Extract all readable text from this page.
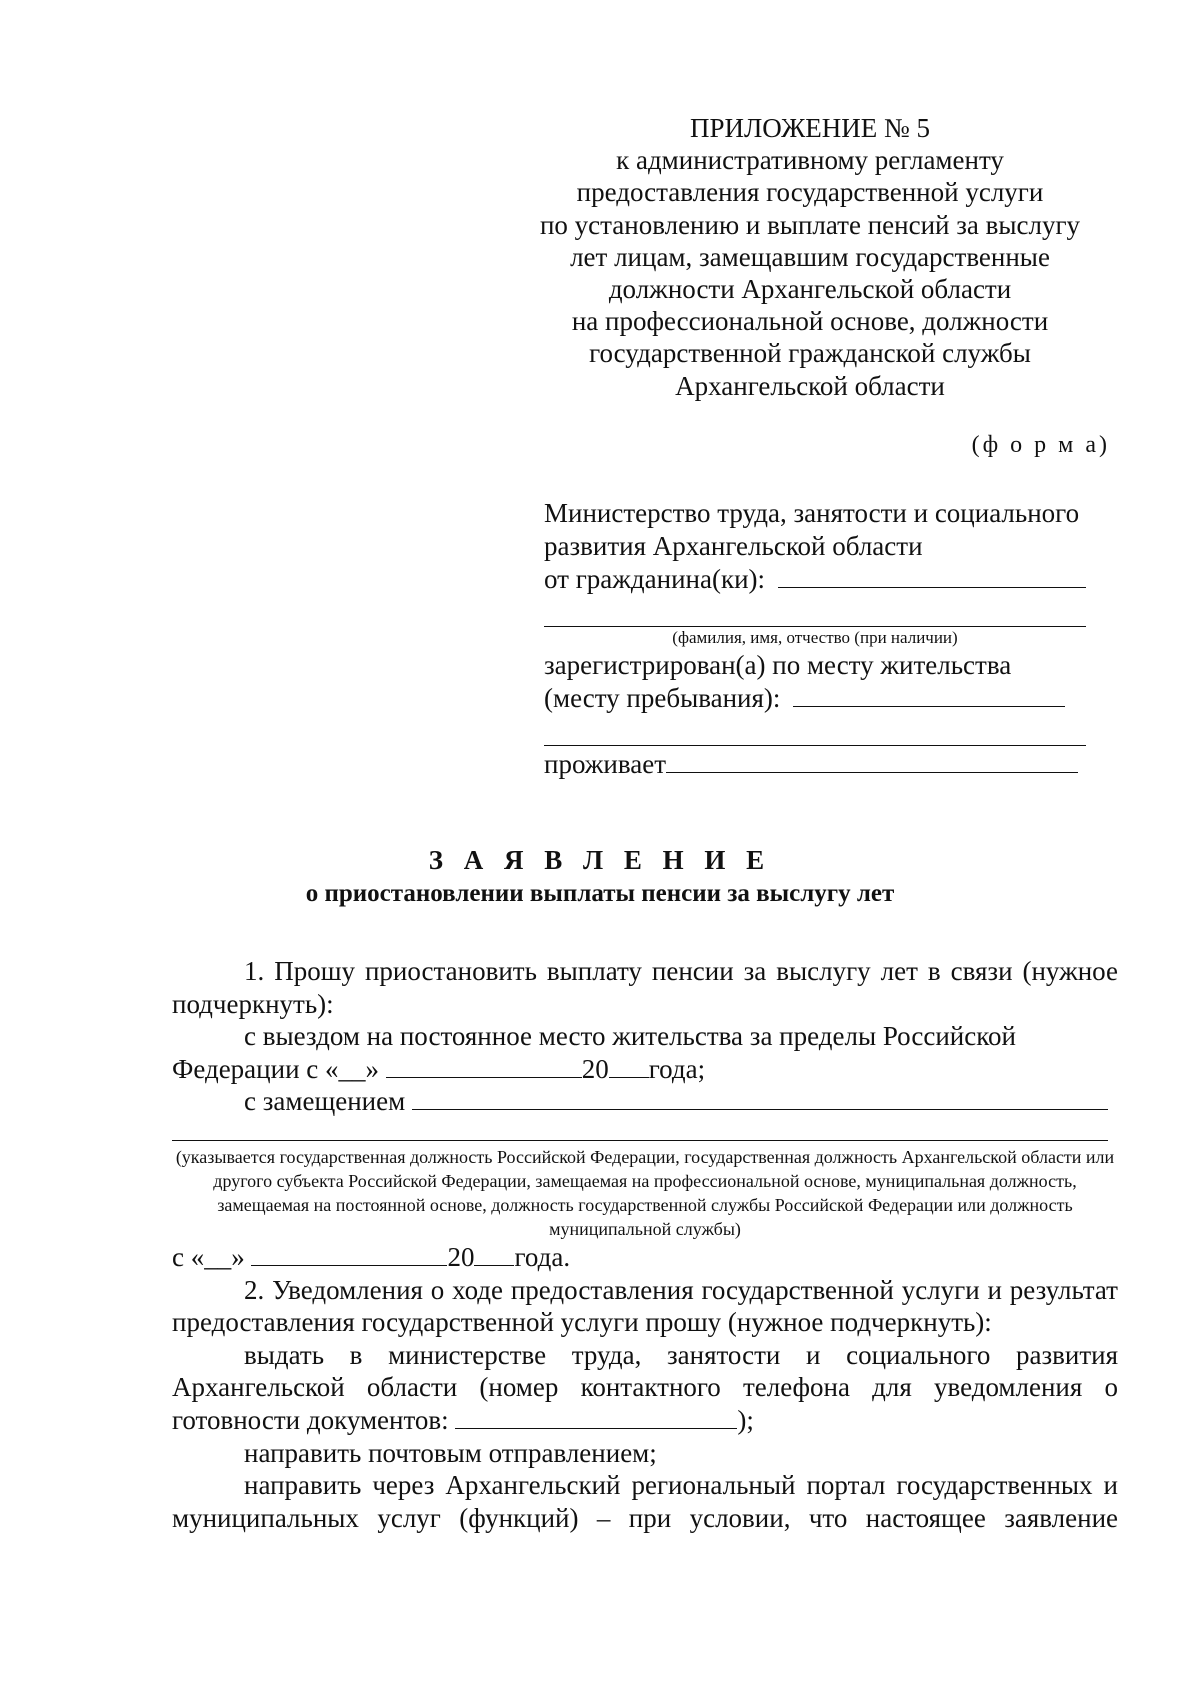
ПРИЛОЖЕНИЕ № 5
к административному регламенту
предоставления государственной услуги
по установлению и выплате пенсий за выслугу
лет лицам, замещавшим государственные
должности Архангельской области
на профессиональной основе, должности
государственной гражданской службы
Архангельской области
(ф о р м а)
Министерство труда, занятости и социального
развития Архангельской области
от гражданина(ки):
(фамилия, имя, отчество (при наличии)
зарегистрирован(а) по месту жительства
(месту пребывания):
проживает
З А Я В Л Е Н И Е
о приостановлении выплаты пенсии за выслугу лет
1. Прошу приостановить выплату пенсии за выслугу лет в связи (нужное подчеркнуть):
с выездом на постоянное место жительства за пределы Российской
Федерации с «__»	20 года;
с замещением
(указывается государственная должность Российской Федерации, государственная должность Архангельской области или другого субъекта Российской Федерации, замещаемая на профессиональной основе, муниципальная должность, замещаемая на постоянной основе, должность государственной службы Российской Федерации или должность муниципальной службы)
с «__»	20 года.
2. Уведомления о ходе предоставления государственной услуги и результат предоставления государственной услуги прошу (нужное подчеркнуть):
выдать в министерстве труда, занятости и социального развития Архангельской области (номер контактного телефона для уведомления о готовности документов:	);
направить почтовым отправлением;
направить через Архангельский региональный портал государственных и муниципальных услуг (функций) – при условии, что настоящее заявление
